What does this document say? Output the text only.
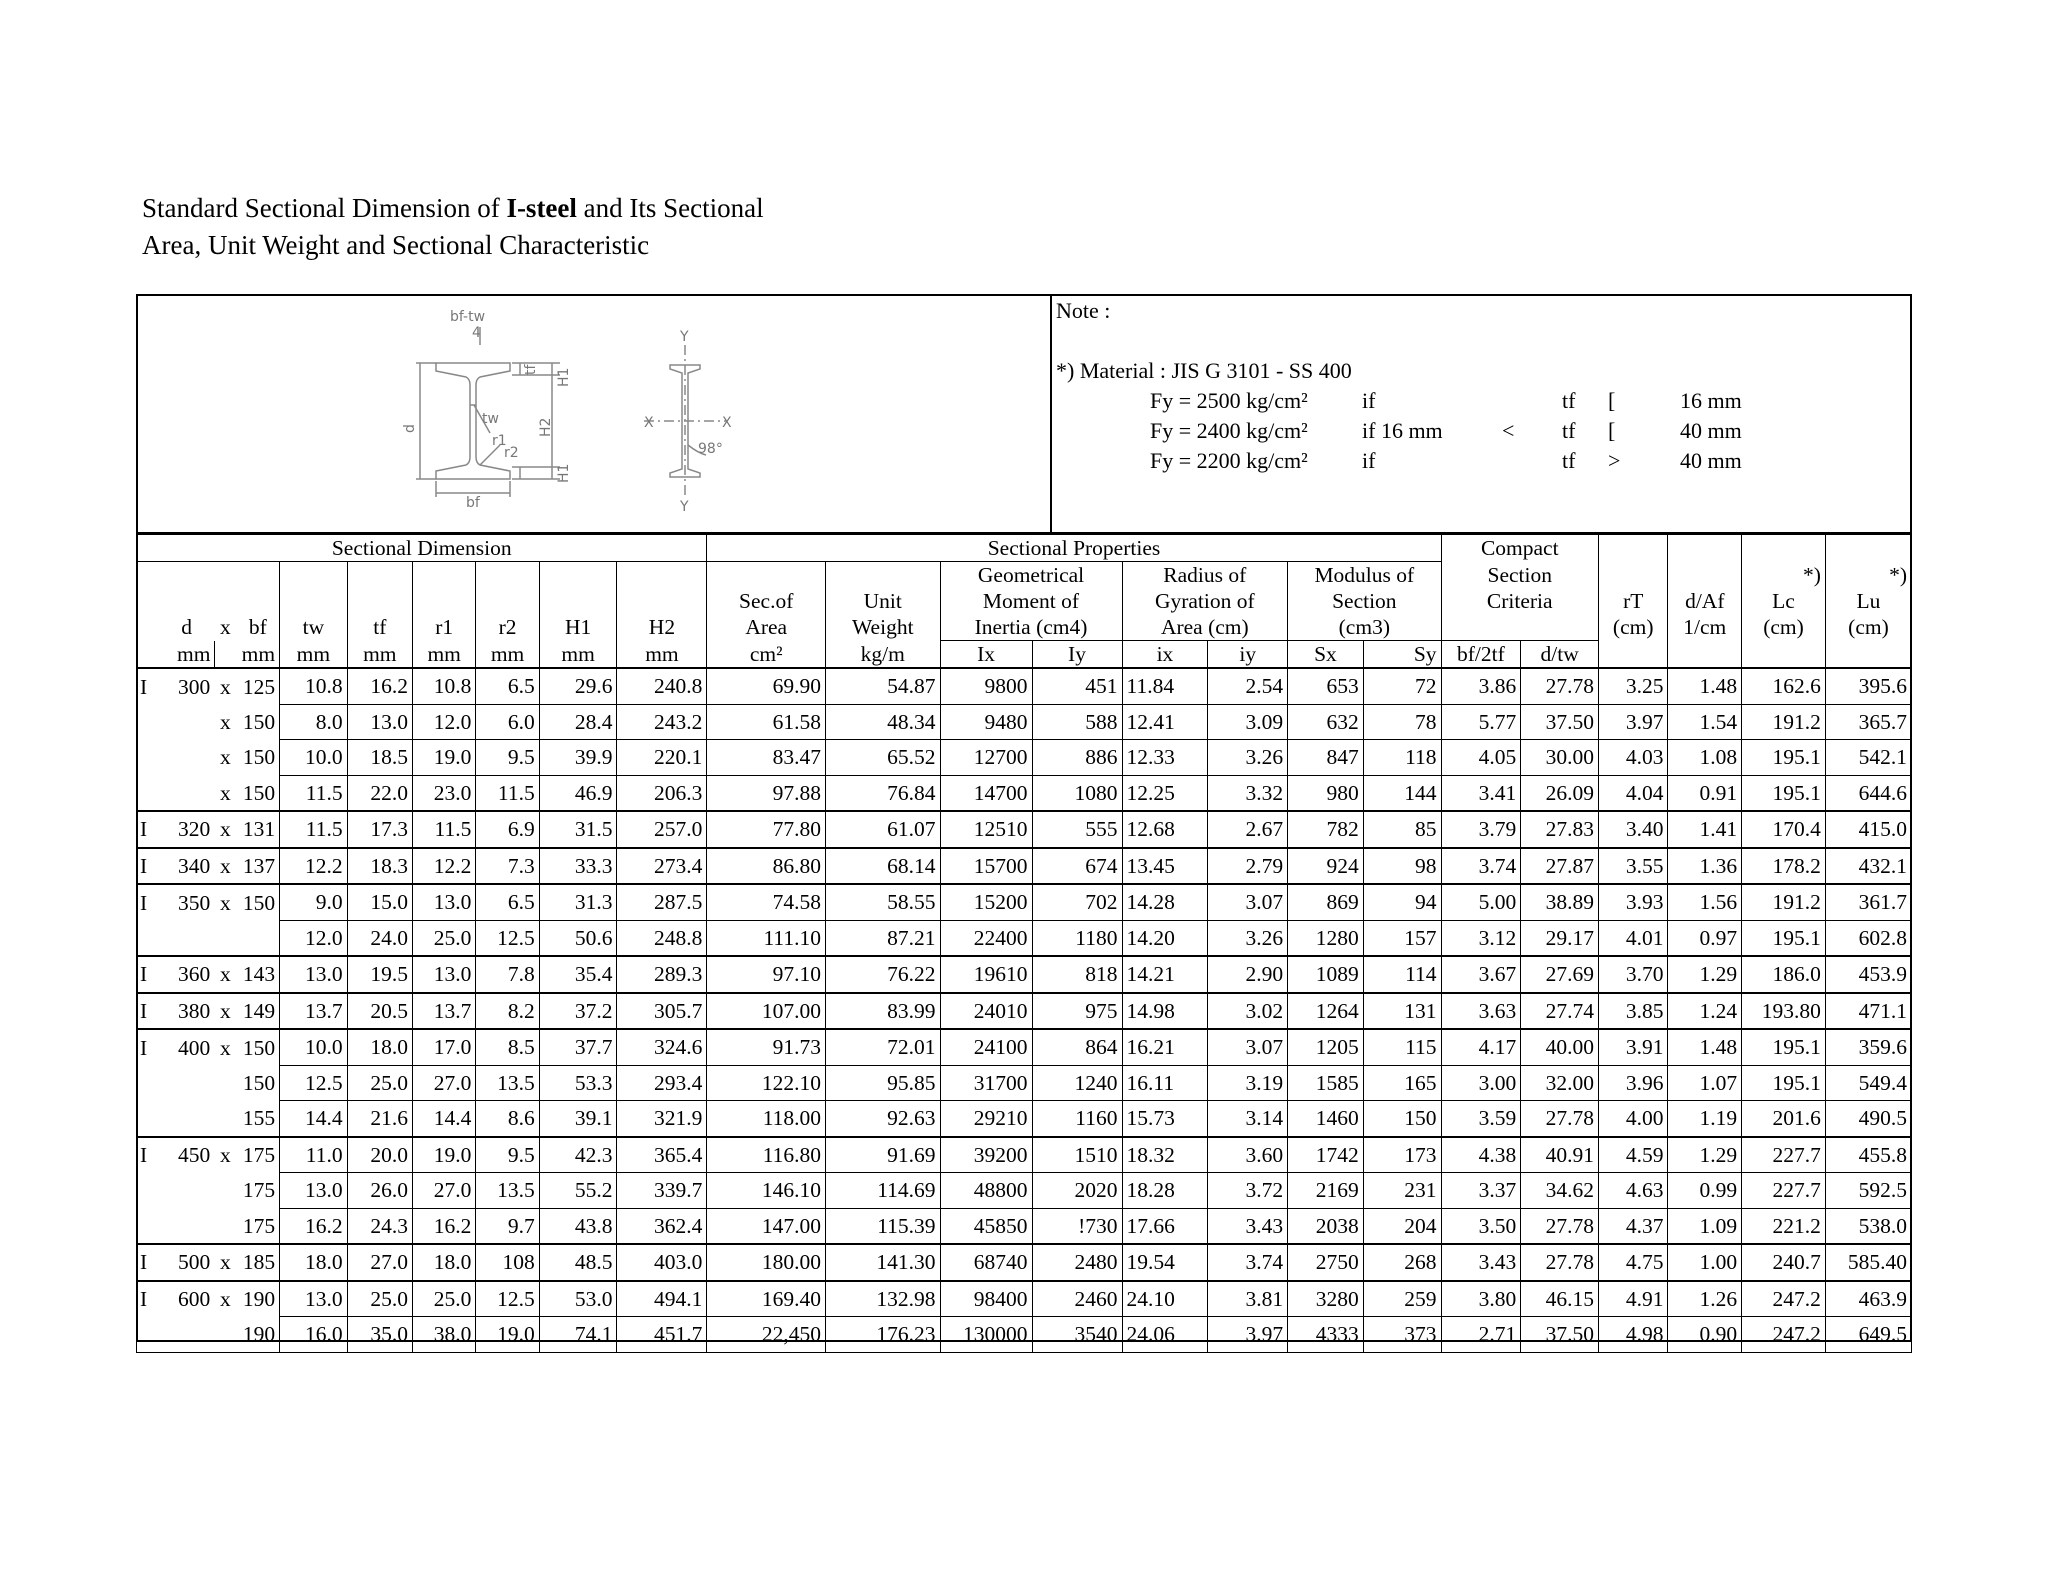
Standard Sectional Dimension of I-steel and Its Sectional
Area, Unit Weight and Sectional Characteristic
bf-tw
4
tf H1
d
tw	H2
r1
r2
H1
bf
Y
X	X
98°
Y
Note :
*) Material : JIS G 3101 - SS 400
Fy = 2500 kg/cm² if	tf [	16 mm
Fy = 2400 kg/cm² if 16 mm	< tf [	40 mm
Fy = 2200 kg/cm² if	tf >	40 mm
Sectional Dimension										Sectional Properties								Compact					
												Geometrical		Radius of		Modulus of		Section				*)	*)
										Sec.of	Unit	Moment of		Gyration of		Section		Criteria		rT	d/Af	Lc	Lu
	d	x	bf	tw	tf	r1	r2	H1	H2	Area	Weight	Inertia (cm4)		Area (cm)		(cm3)				(cm)	1/cm	(cm)	(cm)
mm		mm		mm	mm	mm	mm	mm	mm	cm²	kg/m	Ix	Iy	ix	iy	Sx	Sy	bf/2tf	d/tw				
I	300	x	125	10.8	16.2	10.8	6.5	29.6	240.8	69.90	54.87	9800	451	11.84	2.54	653	72	3.86	27.78	3.25	1.48	162.6	395.6
		x	150	8.0	13.0	12.0	6.0	28.4	243.2	61.58	48.34	9480	588	12.41	3.09	632	78	5.77	37.50	3.97	1.54	191.2	365.7
		x	150	10.0	18.5	19.0	9.5	39.9	220.1	83.47	65.52	12700	886	12.33	3.26	847	118	4.05	30.00	4.03	1.08	195.1	542.1
		x	150	11.5	22.0	23.0	11.5	46.9	206.3	97.88	76.84	14700	1080	12.25	3.32	980	144	3.41	26.09	4.04	0.91	195.1	644.6
I	320	x	131	11.5	17.3	11.5	6.9	31.5	257.0	77.80	61.07	12510	555	12.68	2.67	782	85	3.79	27.83	3.40	1.41	170.4	415.0
I	340	x	137	12.2	18.3	12.2	7.3	33.3	273.4	86.80	68.14	15700	674	13.45	2.79	924	98	3.74	27.87	3.55	1.36	178.2	432.1
I	350	x	150	9.0	15.0	13.0	6.5	31.3	287.5	74.58	58.55	15200	702	14.28	3.07	869	94	5.00	38.89	3.93	1.56	191.2	361.7
				12.0	24.0	25.0	12.5	50.6	248.8	111.10	87.21	22400	1180	14.20	3.26	1280	157	3.12	29.17	4.01	0.97	195.1	602.8
I	360	x	143	13.0	19.5	13.0	7.8	35.4	289.3	97.10	76.22	19610	818	14.21	2.90	1089	114	3.67	27.69	3.70	1.29	186.0	453.9
I	380	x	149	13.7	20.5	13.7	8.2	37.2	305.7	107.00	83.99	24010	975	14.98	3.02	1264	131	3.63	27.74	3.85	1.24	193.80	471.1
I	400	x	150	10.0	18.0	17.0	8.5	37.7	324.6	91.73	72.01	24100	864	16.21	3.07	1205	115	4.17	40.00	3.91	1.48	195.1	359.6
			150	12.5	25.0	27.0	13.5	53.3	293.4	122.10	95.85	31700	1240	16.11	3.19	1585	165	3.00	32.00	3.96	1.07	195.1	549.4
			155	14.4	21.6	14.4	8.6	39.1	321.9	118.00	92.63	29210	1160	15.73	3.14	1460	150	3.59	27.78	4.00	1.19	201.6	490.5
I	450	x	175	11.0	20.0	19.0	9.5	42.3	365.4	116.80	91.69	39200	1510	18.32	3.60	1742	173	4.38	40.91	4.59	1.29	227.7	455.8
			175	13.0	26.0	27.0	13.5	55.2	339.7	146.10	114.69	48800	2020	18.28	3.72	2169	231	3.37	34.62	4.63	0.99	227.7	592.5
			175	16.2	24.3	16.2	9.7	43.8	362.4	147.00	115.39	45850	!730	17.66	3.43	2038	204	3.50	27.78	4.37	1.09	221.2	538.0
I	500	x	185	18.0	27.0	18.0	108	48.5	403.0	180.00	141.30	68740	2480	19.54	3.74	2750	268	3.43	27.78	4.75	1.00	240.7	585.40
I	600	x	190	13.0	25.0	25.0	12.5	53.0	494.1	169.40	132.98	98400	2460	24.10	3.81	3280	259	3.80	46.15	4.91	1.26	247.2	463.9
			190	16.0	35.0	38.0	19.0	74.1	451.7	22,450	176.23	130000	3540	24.06	3.97	4333	373	2.71	37.50	4.98	0.90	247.2	649.5
